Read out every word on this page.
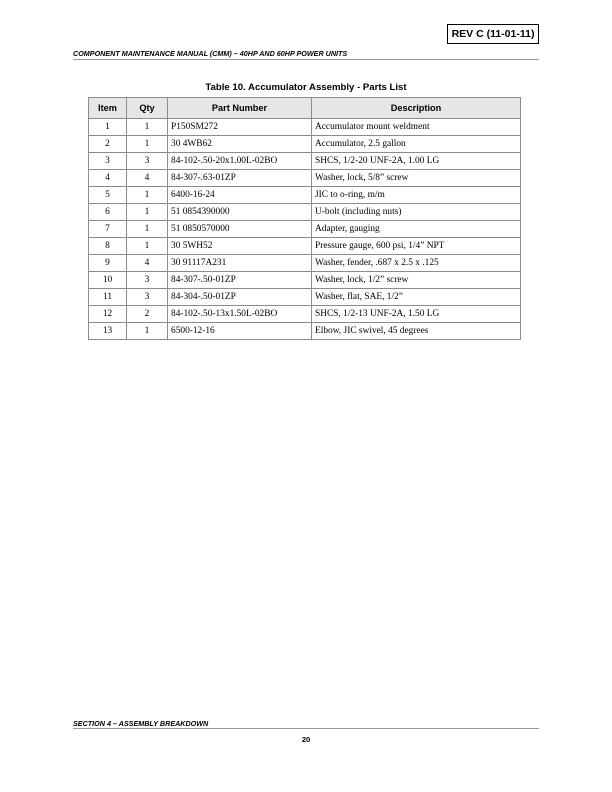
REV C (11-01-11)
COMPONENT MAINTENANCE MANUAL (CMM) – 40HP AND 60HP POWER UNITS
Table 10. Accumulator Assembly - Parts List
Item	Qty	Part Number	Description
1	1	P150SM272	Accumulator mount weldment
2	1	30 4WB62	Accumulator, 2.5 gallon
3	3	84-102-.50-20x1.00L-02BO	SHCS, 1/2-20 UNF-2A, 1.00 LG
4	4	84-307-.63-01ZP	Washer, lock, 5/8” screw
5	1	6400-16-24	JIC to o-ring, m/m
6	1	51 0854390000	U-bolt (including nuts)
7	1	51 0850570000	Adapter, gauging
8	1	30 5WH52	Pressure gauge, 600 psi, 1/4” NPT
9	4	30 91117A231	Washer, fender, .687 x 2.5 x .125
10	3	84-307-.50-01ZP	Washer, lock, 1/2” screw
11	3	84-304-.50-01ZP	Washer, flat, SAE, 1/2”
12	2	84-102-.50-13x1.50L-02BO	SHCS, 1/2-13 UNF-2A, 1.50 LG
13	1	6500-12-16	Elbow, JIC swivel, 45 degrees
SECTION 4 – ASSEMBLY BREAKDOWN
20
